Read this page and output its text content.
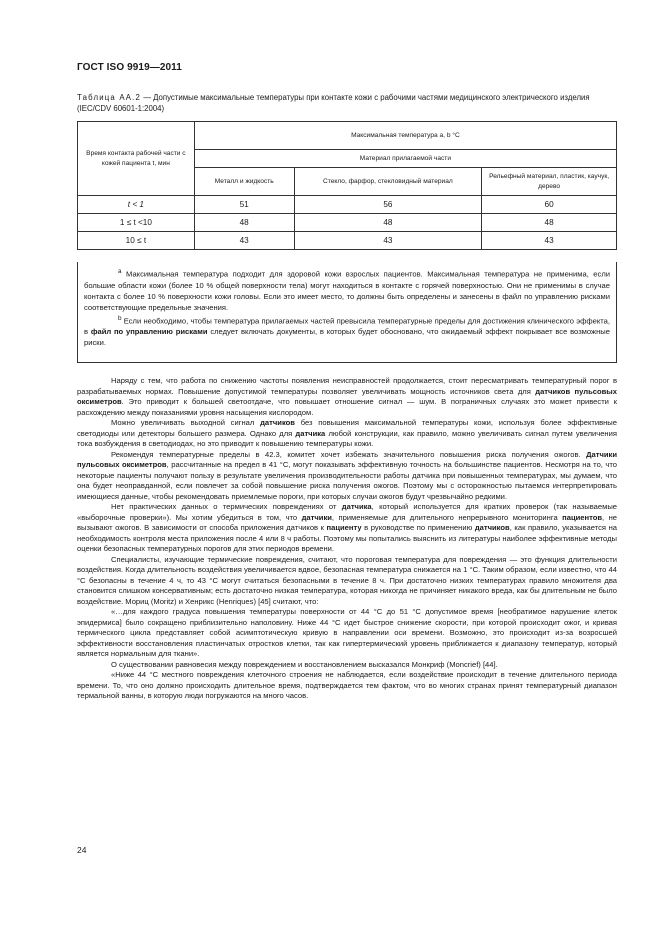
ГОСТ ISO 9919—2011
Таблица АА.2 — Допустимые максимальные температуры при контакте кожи с рабочими частями медицинского электрического изделия (IEC/CDV 60601-1:2004)
Время контакта рабочей части с кожей пациента t, мин	Максимальная температура a, b °C		
	Материал прилагаемой части		
	Металл и жидкость	Стекло, фарфор, стекловидный материал	Рельефный материал, пластик, каучук, дерево
t < 1	51	56	60
1 ≤ t <10	48	48	48
10 ≤ t	43	43	43

$^a$ Максимальная температура подходит для здоровой кожи взрослых пациентов. Максимальная температура не применима, если большие области кожи (более 10 % общей поверхности тела) могут находиться в контакте с горячей поверхностью. Они не применимы в случае контакта с более 10 % поверхности кожи головы. Если это имеет место, то должны быть определены и занесены в файл по управлению рисками соответствующие предельные значения.

$^b$ Если необходимо, чтобы температура прилагаемых частей превысила температурные пределы для достижения клинического эффекта, в файл по управлению рисками следует включать документы, в которых будет обосновано, что ожидаемый эффект покрывает все возможные риски.

Наряду с тем, что работа по снижению частоты появления неисправностей продолжается, стоит пересматривать температурный порог в разрабатываемых нормах. Повышение допустимой температуры позволяет увеличивать мощность источников света для датчиков пульсовых оксиметров. Это приводит к большей светоотдаче, что повышает отношение сигнал — шум. В пограничных случаях это может привести к расхождению между показаниями уровня насыщения кислородом.

Можно увеличивать выходной сигнал датчиков без повышения максимальной температуры кожи, используя более эффективные светодиоды или детекторы большего размера. Однако для датчика любой конструкции, как правило, можно увеличивать сигнал путем увеличения тока возбуждения в светодиодах, но это приводит к повышению температуры кожи.

Рекомендуя температурные пределы в 42.3, комитет хочет избежать значительного повышения риска получения ожогов. Датчики пульсовых оксиметров, рассчитанные на предел в 41 °С, могут показывать эффективную точность на большинстве пациентов. Несмотря на то, что некоторые пациенты получают пользу в результате увеличения производительности работы датчика при повышенных температурах, мы думаем, что она будет неоправданной, если повлечет за собой повышение риска получения ожогов. Поэтому мы с осторожностью пытаемся интерпретировать имеющиеся данные, чтобы рекомендовать приемлемые пороги, при которых случаи ожогов будут чрезвычайно редкими.

Нет практических данных о термических повреждениях от датчика, который используется для кратких проверок (так называемые «выборочные проверки»). Мы хотим убедиться в том, что датчики, применяемые для длительного непрерывного мониторинга пациентов, не вызывают ожогов. В зависимости от способа приложения датчиков к пациенту в руководстве по применению датчиков, как правило, указывается на необходимость контроля места приложения после 4 или 8 ч работы. Поэтому мы попытались выяснить из литературы наиболее эффективные методы оценки безопасных температурных порогов для этих периодов времени.

Специалисты, изучающие термические повреждения, считают, что пороговая температура для повреждения — это функция длительности воздействия. Когда длительность воздействия увеличивается вдвое, безопасная температура снижается на 1 °С. Таким образом, если известно, что 44 °С безопасны в течение 4 ч, то 43 °С могут считаться безопасными в течение 8 ч. При достаточно низких температурах правило множителя два становится слишком консервативным; есть достаточно низкая температура, которая никогда не причиняет никакого вреда, как бы длительным не было воздействие. Мориц (Moritz) и Хенрикс (Henriques) [45] считают, что:

«…для каждого градуса повышения температуры поверхности от 44 °С до 51 °С допустимое время [необратимое нарушение клеток эпидермиса] было сокращено приблизительно наполовину. Ниже 44 °С идет быстрое снижение скорости, при которой происходит ожог, и кривая термического цикла представляет собой асимптотическую кривую в направлении оси времени. Возможно, это происходит из-за возросшей эффективности восстановления пластинчатых отростков клетки, так как гипертермический уровень приближается к диапазону температур, который является нормальным для ткани».

О существовании равновесия между повреждением и восстановлением высказался Монкриф (Moncrief) [44].

«Ниже 44 °С местного повреждения клеточного строения не наблюдается, если воздействие происходит в течение длительного периода времени. То, что оно должно происходить длительное время, подтверждается тем фактом, что во многих странах принят температурный диапазон термальной ванны, в которую люди погружаются на много часов.

24
